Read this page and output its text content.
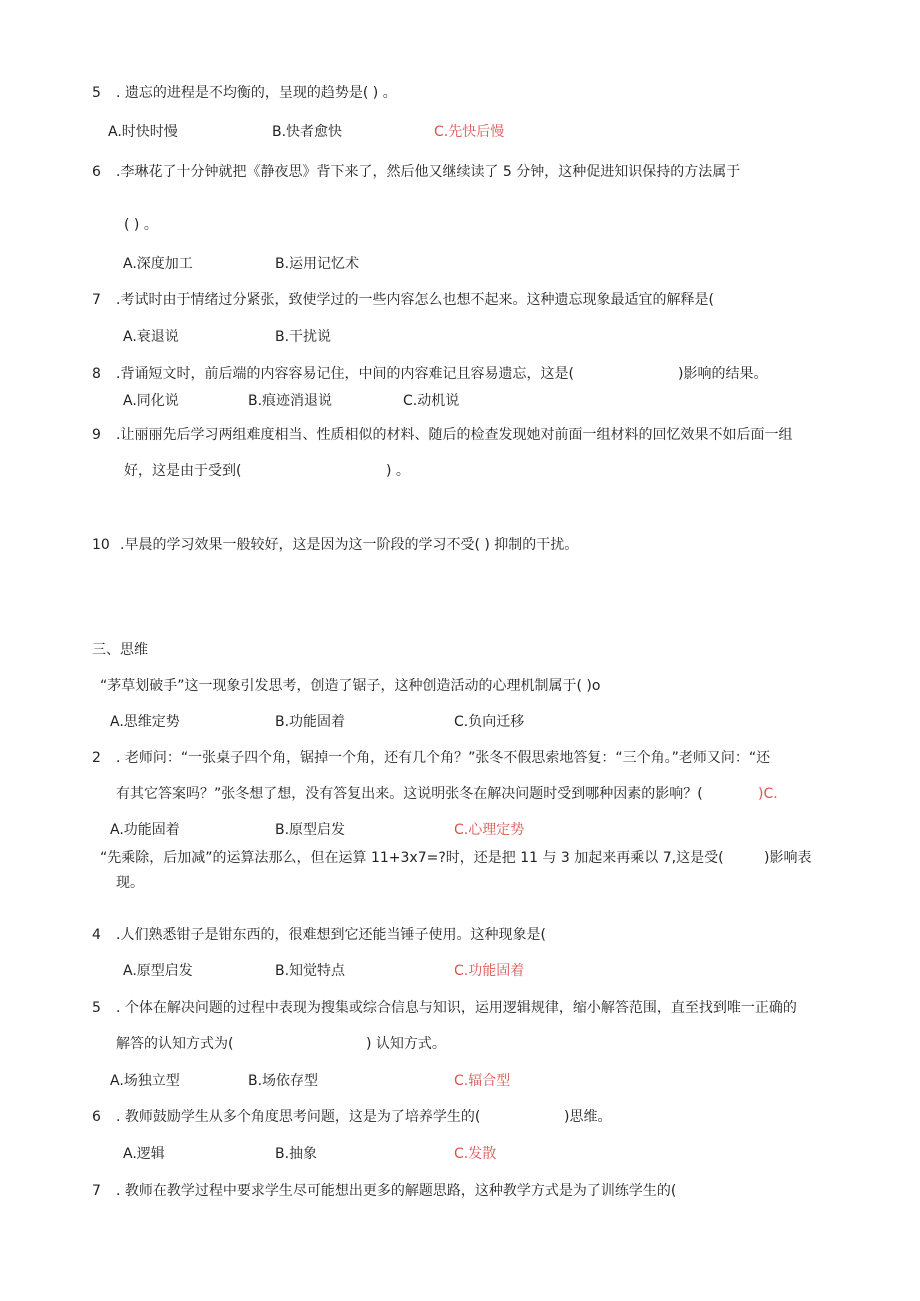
5 . 遗忘的进程是不均衡的，呈现的趋势是( ) 。
A.时快时慢	B.快者愈快	C.先快后慢
6 .李琳花了十分钟就把《静夜思》背下来了，然后他又继续读了 5 分钟，这种促进知识保持的方法属于
( ) 。
A.深度加工	B.运用记忆术
7 .考试时由于情绪过分紧张，致使学过的一些内容怎么也想不起来。这种遗忘现象最适宜的解释是(
A.衰退说	B.干扰说
8 .背诵短文时，前后端的内容容易记住，中间的内容难记且容易遗忘，这是(	)影响的结果。
A.同化说	B.痕迹消退说	C.动机说
9 .让丽丽先后学习两组难度相当、性质相似的材料、随后的检查发现她对前面一组材料的回忆效果不如后面一组
好，这是由于受到(	) 。
10 .早晨的学习效果一般较好，这是因为这一阶段的学习不受( ) 抑制的干扰。
三、思维
“茅草划破手”这一现象引发思考，创造了锯子，这种创造活动的心理机制属于( )o
A.思维定势	B.功能固着	C.负向迁移
2 . 老师问：“一张桌子四个角，锯掉一个角，还有几个角？”张冬不假思索地答复：“三个角。”老师又问：“还
有其它答案吗？”张冬想了想，没有答复出来。这说明张冬在解决问题时受到哪种因素的影响？(	)C.
A.功能固着	B.原型启发	C.心理定势
“先乘除，后加减”的运算法那么，但在运算 11+3x7=?时，还是把 11 与 3 加起来再乘以 7,这是受(	)影响表
现。
4 .人们熟悉钳子是钳东西的，很难想到它还能当锤子使用。这种现象是(
A.原型启发	B.知觉特点	C.功能固着
5 . 个体在解决问题的过程中表现为搜集或综合信息与知识，运用逻辑规律，缩小解答范围，直至找到唯一正确的
解答的认知方式为(	) 认知方式。
A.场独立型	B.场依存型	C.辐合型
6 . 教师鼓励学生从多个角度思考问题，这是为了培养学生的(	)思维。
A.逻辑	B.抽象	C.发散
7 . 教师在教学过程中要求学生尽可能想出更多的解题思路，这种教学方式是为了训练学生的(
